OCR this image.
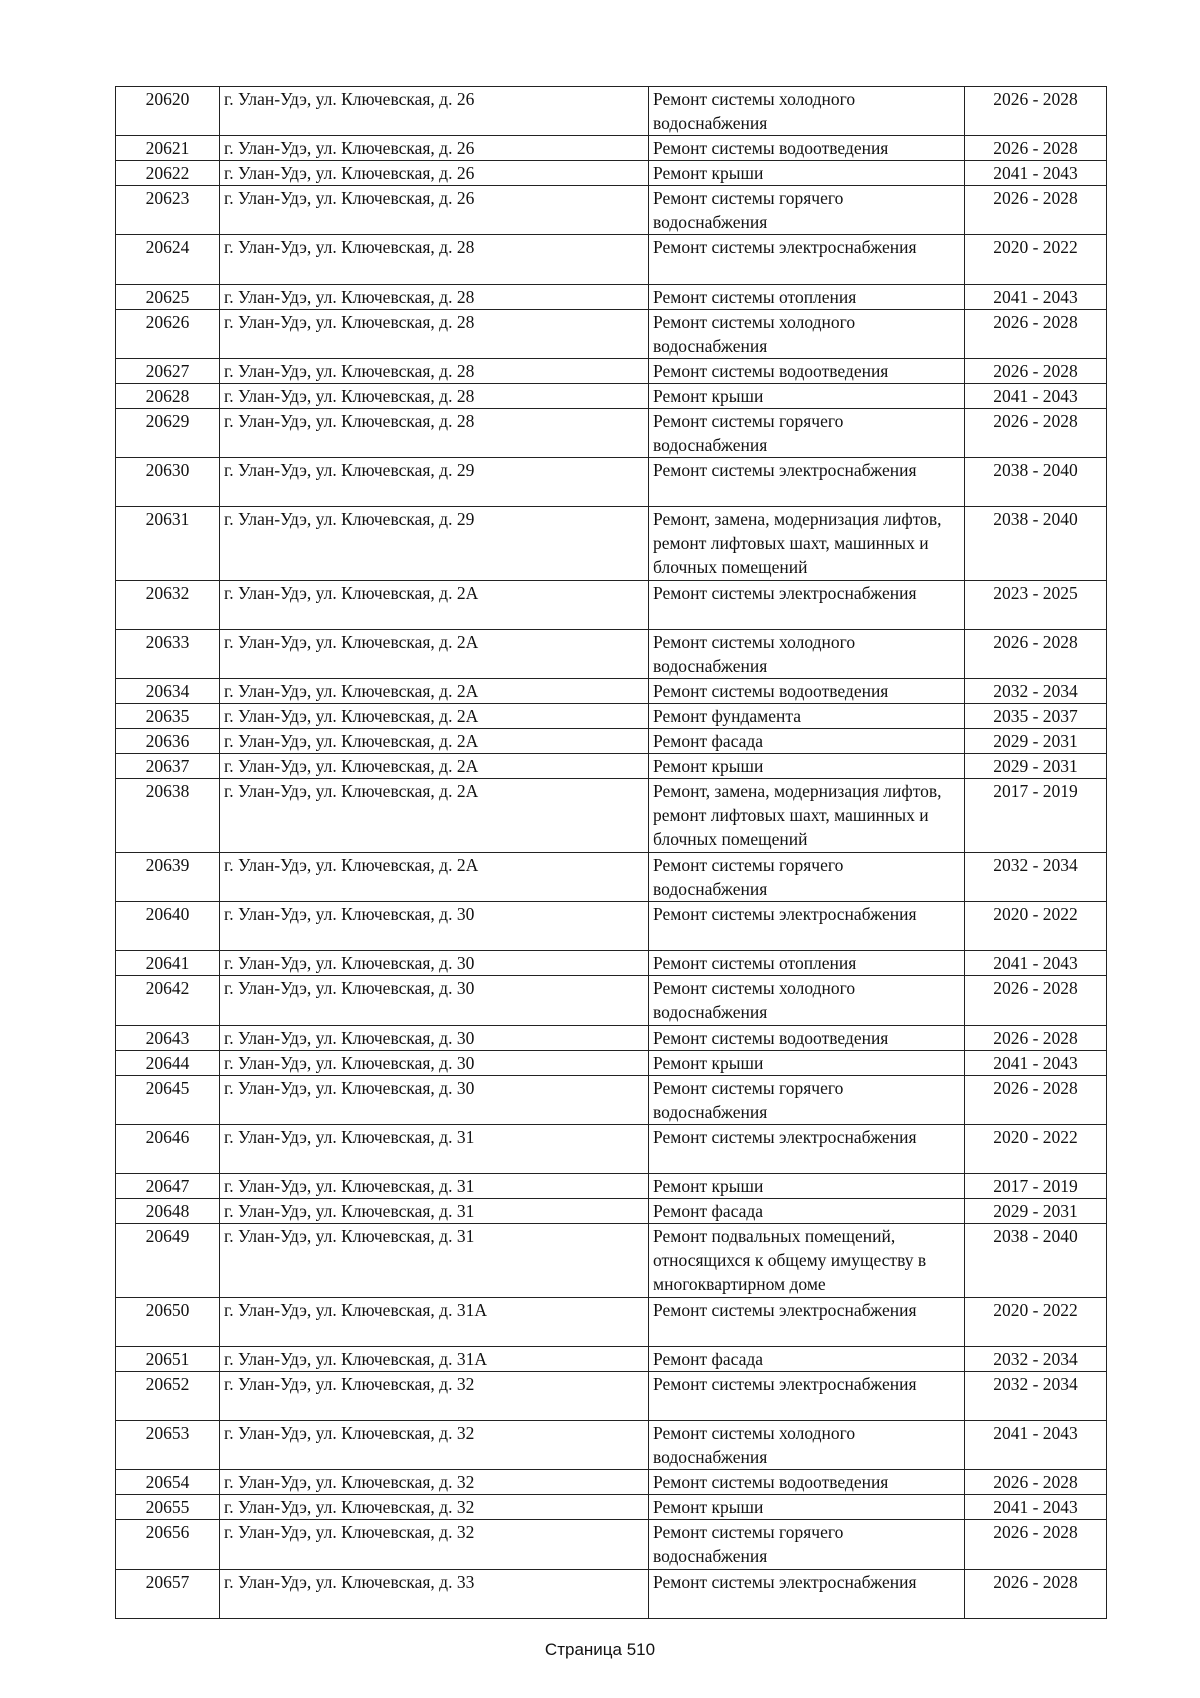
20620	г. Улан-Удэ, ул. Ключевская, д. 26	Ремонт системы холодного водоснабжения	2026 - 2028
20621	г. Улан-Удэ, ул. Ключевская, д. 26	Ремонт системы водоотведения	2026 - 2028
20622	г. Улан-Удэ, ул. Ключевская, д. 26	Ремонт крыши	2041 - 2043
20623	г. Улан-Удэ, ул. Ключевская, д. 26	Ремонт системы горячего водоснабжения	2026 - 2028
20624	г. Улан-Удэ, ул. Ключевская, д. 28	Ремонт системы электроснабжения	2020 - 2022
20625	г. Улан-Удэ, ул. Ключевская, д. 28	Ремонт системы отопления	2041 - 2043
20626	г. Улан-Удэ, ул. Ключевская, д. 28	Ремонт системы холодного водоснабжения	2026 - 2028
20627	г. Улан-Удэ, ул. Ключевская, д. 28	Ремонт системы водоотведения	2026 - 2028
20628	г. Улан-Удэ, ул. Ключевская, д. 28	Ремонт крыши	2041 - 2043
20629	г. Улан-Удэ, ул. Ключевская, д. 28	Ремонт системы горячего водоснабжения	2026 - 2028
20630	г. Улан-Удэ, ул. Ключевская, д. 29	Ремонт системы электроснабжения	2038 - 2040
20631	г. Улан-Удэ, ул. Ключевская, д. 29	Ремонт, замена, модернизация лифтов, ремонт лифтовых шахт, машинных и блочных помещений	2038 - 2040
20632	г. Улан-Удэ, ул. Ключевская, д. 2А	Ремонт системы электроснабжения	2023 - 2025
20633	г. Улан-Удэ, ул. Ключевская, д. 2А	Ремонт системы холодного водоснабжения	2026 - 2028
20634	г. Улан-Удэ, ул. Ключевская, д. 2А	Ремонт системы водоотведения	2032 - 2034
20635	г. Улан-Удэ, ул. Ключевская, д. 2А	Ремонт фундамента	2035 - 2037
20636	г. Улан-Удэ, ул. Ключевская, д. 2А	Ремонт фасада	2029 - 2031
20637	г. Улан-Удэ, ул. Ключевская, д. 2А	Ремонт крыши	2029 - 2031
20638	г. Улан-Удэ, ул. Ключевская, д. 2А	Ремонт, замена, модернизация лифтов, ремонт лифтовых шахт, машинных и блочных помещений	2017 - 2019
20639	г. Улан-Удэ, ул. Ключевская, д. 2А	Ремонт системы горячего водоснабжения	2032 - 2034
20640	г. Улан-Удэ, ул. Ключевская, д. 30	Ремонт системы электроснабжения	2020 - 2022
20641	г. Улан-Удэ, ул. Ключевская, д. 30	Ремонт системы отопления	2041 - 2043
20642	г. Улан-Удэ, ул. Ключевская, д. 30	Ремонт системы холодного водоснабжения	2026 - 2028
20643	г. Улан-Удэ, ул. Ключевская, д. 30	Ремонт системы водоотведения	2026 - 2028
20644	г. Улан-Удэ, ул. Ключевская, д. 30	Ремонт крыши	2041 - 2043
20645	г. Улан-Удэ, ул. Ключевская, д. 30	Ремонт системы горячего водоснабжения	2026 - 2028
20646	г. Улан-Удэ, ул. Ключевская, д. 31	Ремонт системы электроснабжения	2020 - 2022
20647	г. Улан-Удэ, ул. Ключевская, д. 31	Ремонт крыши	2017 - 2019
20648	г. Улан-Удэ, ул. Ключевская, д. 31	Ремонт фасада	2029 - 2031
20649	г. Улан-Удэ, ул. Ключевская, д. 31	Ремонт подвальных помещений, относящихся к общему имуществу в многоквартирном доме	2038 - 2040
20650	г. Улан-Удэ, ул. Ключевская, д. 31А	Ремонт системы электроснабжения	2020 - 2022
20651	г. Улан-Удэ, ул. Ключевская, д. 31А	Ремонт фасада	2032 - 2034
20652	г. Улан-Удэ, ул. Ключевская, д. 32	Ремонт системы электроснабжения	2032 - 2034
20653	г. Улан-Удэ, ул. Ключевская, д. 32	Ремонт системы холодного водоснабжения	2041 - 2043
20654	г. Улан-Удэ, ул. Ключевская, д. 32	Ремонт системы водоотведения	2026 - 2028
20655	г. Улан-Удэ, ул. Ключевская, д. 32	Ремонт крыши	2041 - 2043
20656	г. Улан-Удэ, ул. Ключевская, д. 32	Ремонт системы горячего водоснабжения	2026 - 2028
20657	г. Улан-Удэ, ул. Ключевская, д. 33	Ремонт системы электроснабжения	2026 - 2028
Страница 510
